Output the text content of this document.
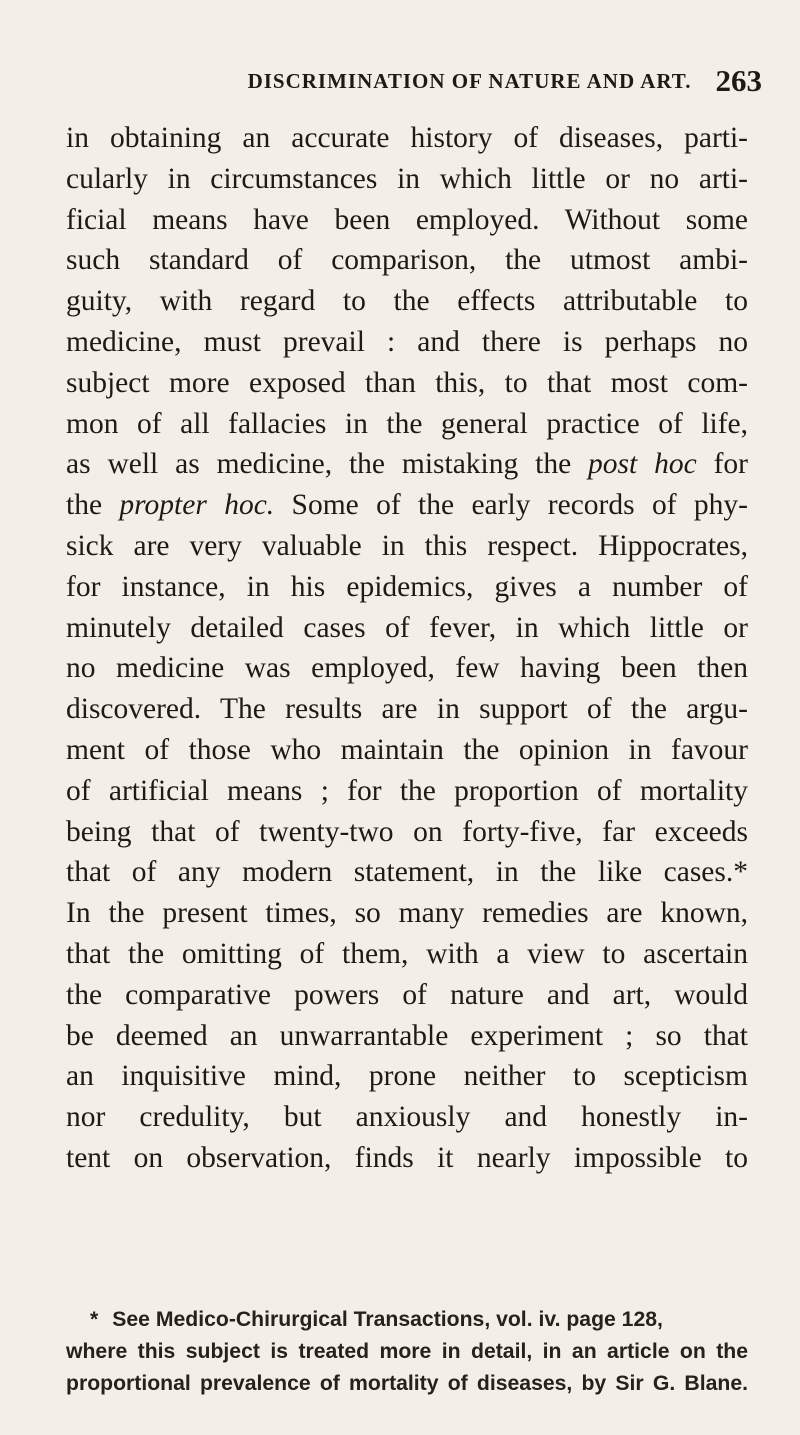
DISCRIMINATION OF NATURE AND ART. 263
in obtaining an accurate history of diseases, parti-
cularly in circumstances in which little or no arti-
ficial means have been employed. Without some
such standard of comparison, the utmost ambi-
guity, with regard to the effects attributable to
medicine, must prevail : and there is perhaps no
subject more exposed than this, to that most com-
mon of all fallacies in the general practice of life,
as well as medicine, the mistaking the post hoc for
the propter hoc. Some of the early records of phy-
sick are very valuable in this respect. Hippocrates,
for instance, in his epidemics, gives a number of
minutely detailed cases of fever, in which little or
no medicine was employed, few having been then
discovered. The results are in support of the argu-
ment of those who maintain the opinion in favour
of artificial means ; for the proportion of mortality
being that of twenty-two on forty-five, far exceeds
that of any modern statement, in the like cases.*
In the present times, so many remedies are known,
that the omitting of them, with a view to ascertain
the comparative powers of nature and art, would
be deemed an unwarrantable experiment ; so that
an inquisitive mind, prone neither to scepticism
nor credulity, but anxiously and honestly in-
tent on observation, finds it nearly impossible to
* See Medico-Chirurgical Transactions, vol. iv. page 128,
where this subject is treated more in detail, in an article on the
proportional prevalence of mortality of diseases, by Sir G. Blane.
